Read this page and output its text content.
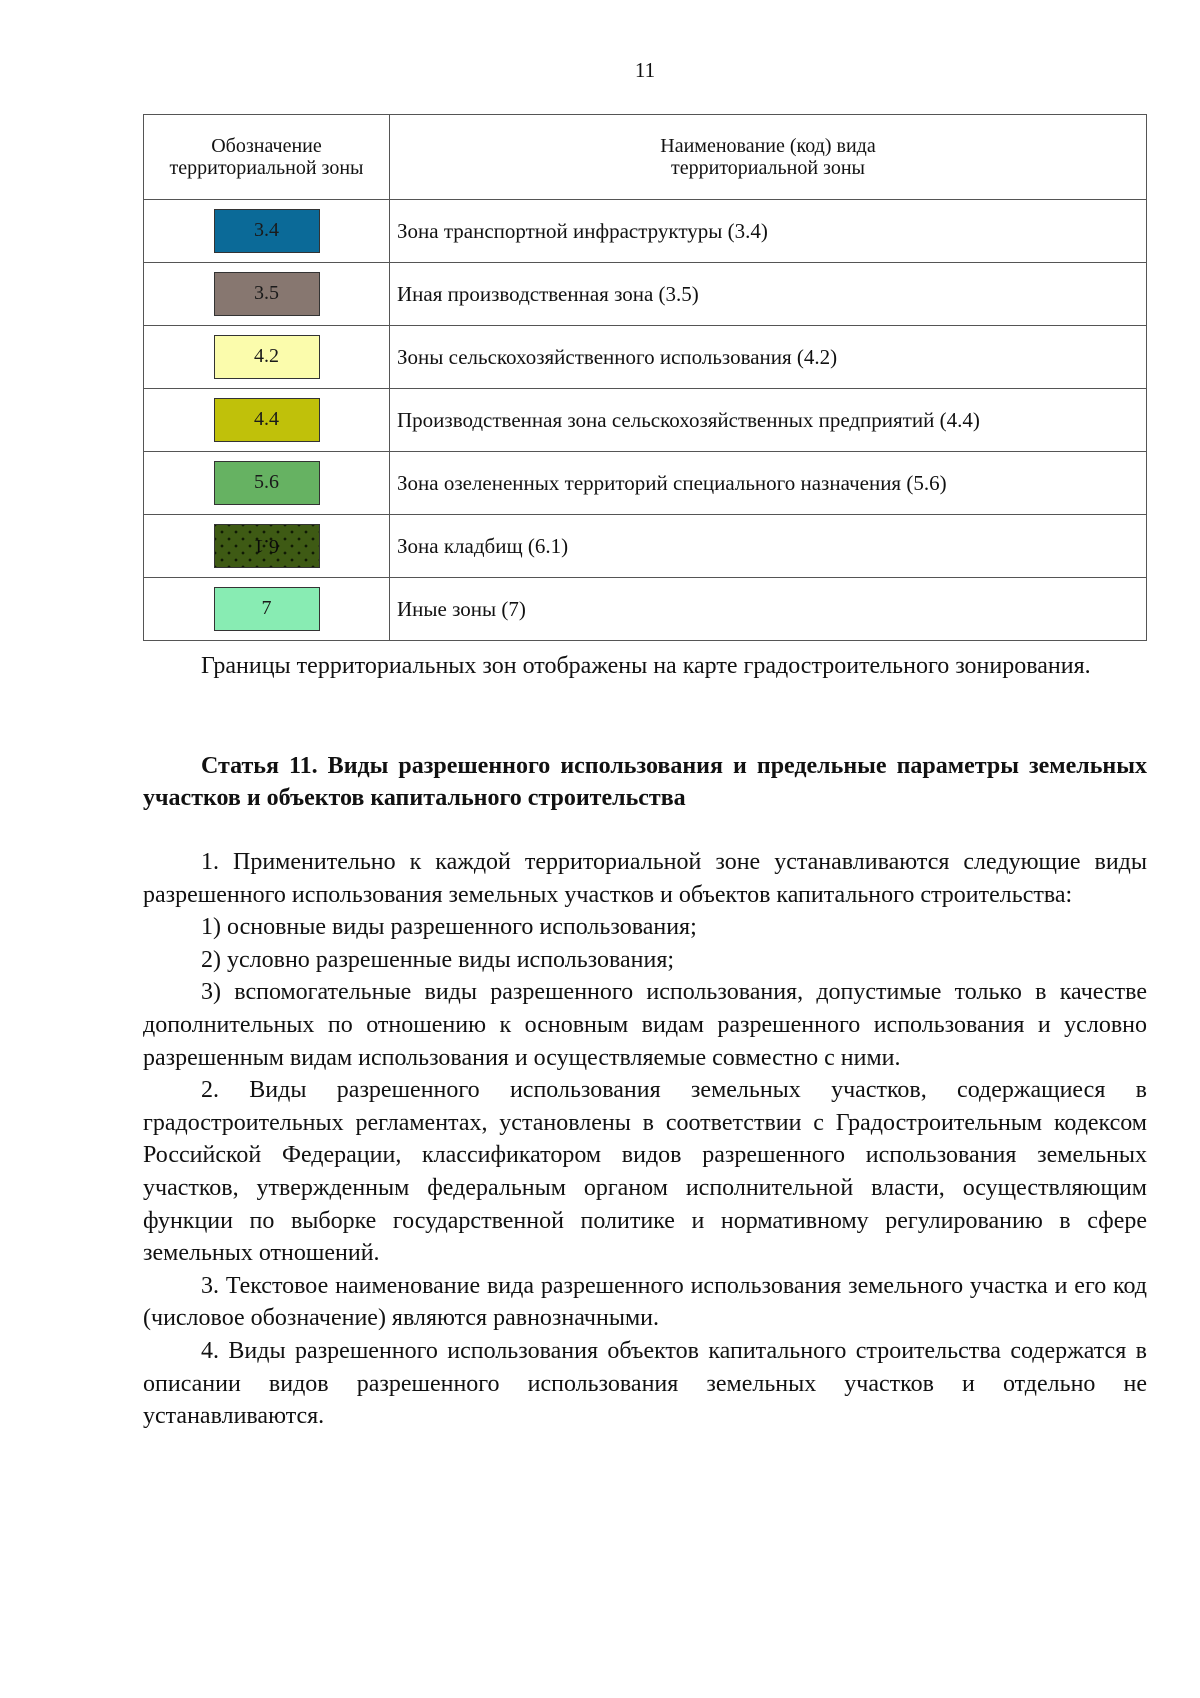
11
Обозначение территориальной зоны	Наименование (код) вида территориальной зоны
3.4	Зона транспортной инфраструктуры (3.4)
3.5	Иная производственная зона (3.5)
4.2	Зоны сельскохозяйственного использования (4.2)
4.4	Производственная зона сельскохозяйственных предприятий (4.4)
5.6	Зона озелененных территорий специального назначения (5.6)
6.1	Зона кладбищ (6.1)
7	Иные зоны (7)

Границы территориальных зон отображены на карте градостроительного зонирования.

Статья 11. Виды разрешенного использования и предельные параметры земельных участков и объектов капитального строительства

1. Применительно к каждой территориальной зоне устанавливаются следующие виды разрешенного использования земельных участков и объектов капитального строительства:

1) основные виды разрешенного использования;

2) условно разрешенные виды использования;

3) вспомогательные виды разрешенного использования, допустимые только в качестве дополнительных по отношению к основным видам разрешенного использования и условно разрешенным видам использования и осуществляемые совместно с ними.

2. Виды разрешенного использования земельных участков, содержащиеся в градостроительных регламентах, установлены в соответствии с Градостроительным кодексом Российской Федерации, классификатором видов разрешенного использования земельных участков, утвержденным федеральным органом исполнительной власти, осуществляющим функции по выборке государственной политике и нормативному регулированию в сфере земельных отношений.

3. Текстовое наименование вида разрешенного использования земельного участка и его код (числовое обозначение) являются равнозначными.

4. Виды разрешенного использования объектов капитального строительства содержатся в описании видов разрешенного использования земельных участков и отдельно не устанавливаются.
